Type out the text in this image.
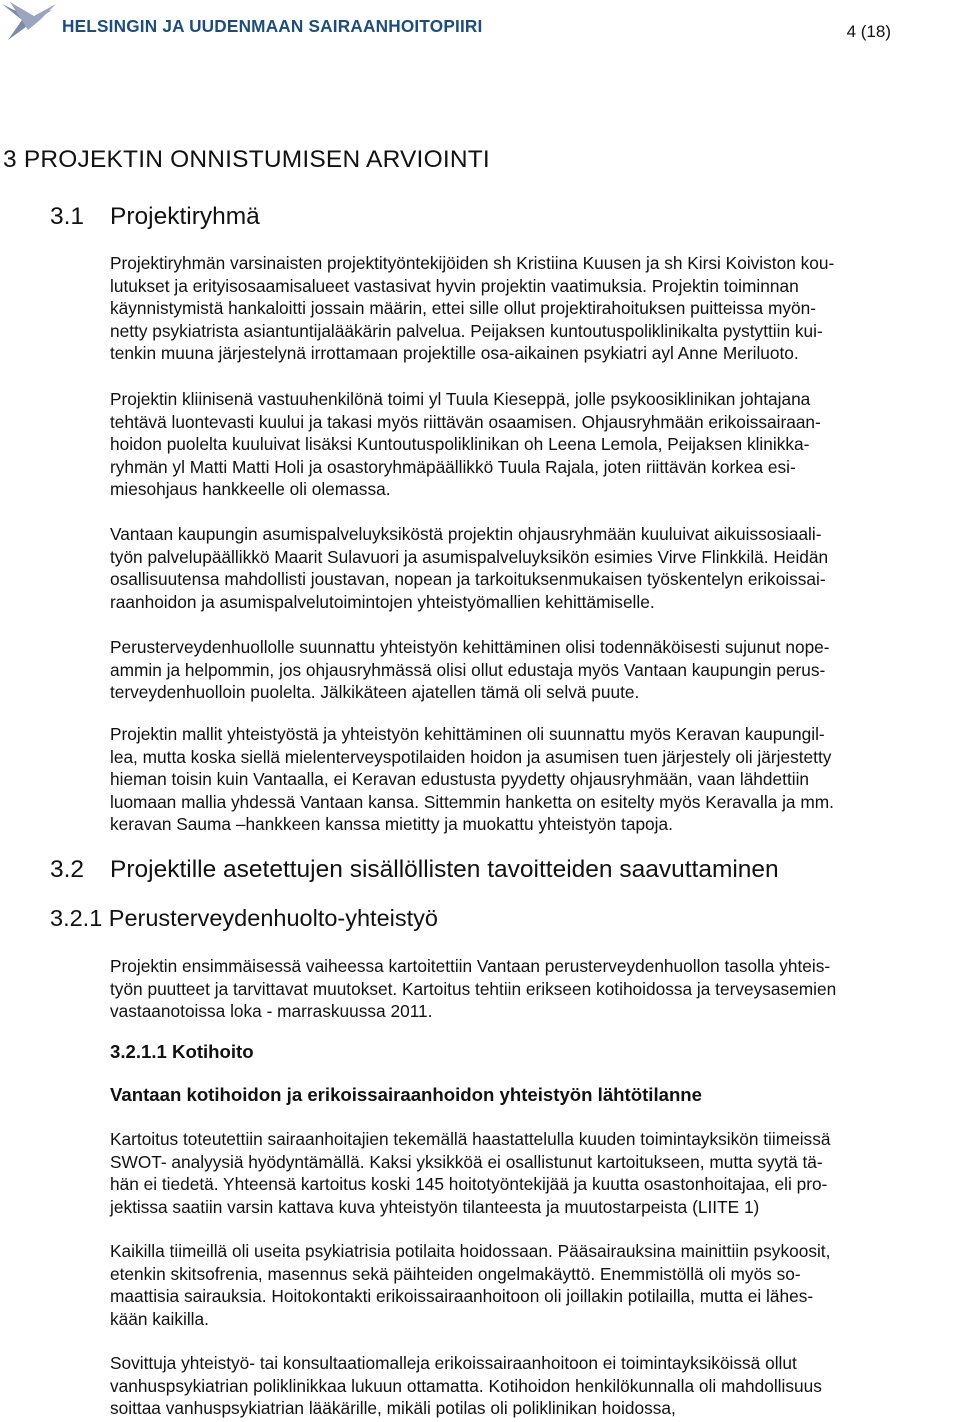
HELSINGIN JA UUDENMAAN SAIRAANHOITOPIIRI	4 (18)
3 PROJEKTIN ONNISTUMISEN ARVIOINTI
3.1 Projektiryhmä

Projektiryhmän varsinaisten projektityöntekijöiden sh Kristiina Kuusen ja sh Kirsi Koiviston kou-
lutukset ja erityisosaamisalueet vastasivat hyvin projektin vaatimuksia. Projektin toiminnan
käynnistymistä hankaloitti jossain määrin, ettei sille ollut projektirahoituksen puitteissa myön-
netty psykiatrista asiantuntijalääkärin palvelua. Peijaksen kuntoutuspoliklinikalta pystyttiin kui-
tenkin muuna järjestelynä irrottamaan projektille osa-aikainen psykiatri ayl Anne Meriluoto.

Projektin kliinisenä vastuuhenkilönä toimi yl Tuula Kieseppä, jolle psykoosiklinikan johtajana
tehtävä luontevasti kuului ja takasi myös riittävän osaamisen. Ohjausryhmään erikoissairaan-
hoidon puolelta kuuluivat lisäksi Kuntoutuspoliklinikan oh Leena Lemola, Peijaksen klinikka-
ryhmän yl Matti Matti Holi ja osastoryhmäpäällikkö Tuula Rajala, joten riittävän korkea esi-
miesohjaus hankkeelle oli olemassa.

Vantaan kaupungin asumispalveluyksiköstä projektin ohjausryhmään kuuluivat aikuissosiaali-
työn palvelupäällikkö Maarit Sulavuori ja asumispalveluyksikön esimies Virve Flinkkilä. Heidän
osallisuutensa mahdollisti joustavan, nopean ja tarkoituksenmukaisen työskentelyn erikoissai-
raanhoidon ja asumispalvelutoimintojen yhteistyömallien kehittämiselle.

Perusterveydenhuollolle suunnattu yhteistyön kehittäminen olisi todennäköisesti sujunut nope-
ammin ja helpommin, jos ohjausryhmässä olisi ollut edustaja myös Vantaan kaupungin perus-
terveydenhuolloin puolelta. Jälkikäteen ajatellen tämä oli selvä puute.

Projektin mallit yhteistyöstä ja yhteistyön kehittäminen oli suunnattu myös Keravan kaupungil-
lea, mutta koska siellä mielenterveyspotilaiden hoidon ja asumisen tuen järjestely oli järjestetty
hieman toisin kuin Vantaalla, ei Keravan edustusta pyydetty ohjausryhmään, vaan lähdettiin
luomaan mallia yhdessä Vantaan kansa. Sittemmin hanketta on esitelty myös Keravalla ja mm.
keravan Sauma –hankkeen kanssa mietitty ja muokattu yhteistyön tapoja.

3.2 Projektille asetettujen sisällöllisten tavoitteiden saavuttaminen
3.2.1 Perusterveydenhuolto-yhteistyö

Projektin ensimmäisessä vaiheessa kartoitettiin Vantaan perusterveydenhuollon tasolla yhteis-
työn puutteet ja tarvittavat muutokset. Kartoitus tehtiin erikseen kotihoidossa ja terveysasemien
vastaanotoissa loka - marraskuussa 2011.

3.2.1.1 Kotihoito
Vantaan kotihoidon ja erikoissairaanhoidon yhteistyön lähtötilanne

Kartoitus toteutettiin sairaanhoitajien tekemällä haastattelulla kuuden toimintayksikön tiimeissä
SWOT- analyysiä hyödyntämällä. Kaksi yksikköä ei osallistunut kartoitukseen, mutta syytä tä-
hän ei tiedetä. Yhteensä kartoitus koski 145 hoitotyöntekijää ja kuutta osastonhoitajaa, eli pro-
jektissa saatiin varsin kattava kuva yhteistyön tilanteesta ja muutostarpeista (LIITE 1)

Kaikilla tiimeillä oli useita psykiatrisia potilaita hoidossaan. Pääsairauksina mainittiin psykoosit,
etenkin skitsofrenia, masennus sekä päihteiden ongelmakäyttö. Enemmistöllä oli myös so-
maattisia sairauksia. Hoitokontakti erikoissairaanhoitoon oli joillakin potilailla, mutta ei lähes-
kään kaikilla.

Sovittuja yhteistyö- tai konsultaatiomalleja erikoissairaanhoitoon ei toimintayksiköissä ollut
vanhuspsykiatrian poliklinikkaa lukuun ottamatta. Kotihoidon henkilökunnalla oli mahdollisuus
soittaa vanhuspsykiatrian lääkärille, mikäli potilas oli poliklinikan hoidossa,
